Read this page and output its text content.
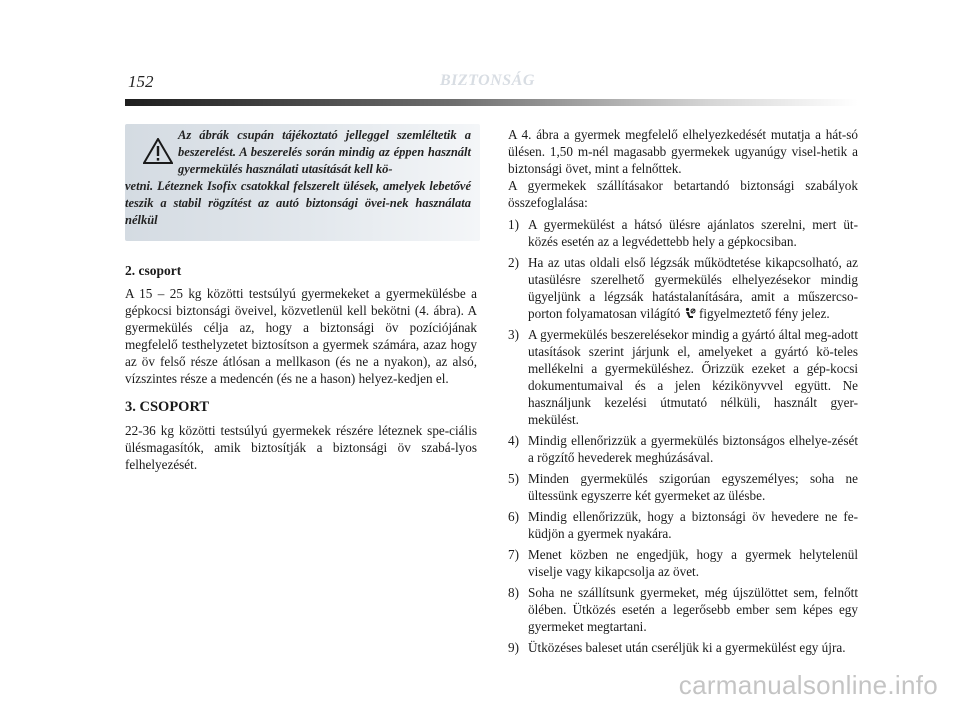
152	BIZTONSÁG

Az ábrák csupán tájékoztató jelleggel szemléltetik a beszerelést. A beszerelés során mindig az éppen használt gyermekülés használati utasítását kell kö-
vetni. Léteznek Isofix csatokkal felszerelt ülések, amelyek lebetővé teszik a stabil rögzítést az autó biztonsági övei-nek használata nélkül

2. csoport

A 15 – 25 kg közötti testsúlyú gyermekeket a gyermekülésbe a gépkocsi biztonsági öveivel, közvetlenül kell bekötni (4. ábra). A gyermekülés célja az, hogy a biztonsági öv pozíciójának megfelelő testhelyzetet biztosítson a gyermek számára, azaz hogy az öv felső része átlósan a mellkason (és ne a nyakon), az alsó, vízszintes része a medencén (és ne a hason) helyez-kedjen el.

3. CSOPORT

22-36 kg közötti testsúlyú gyermekek részére léteznek spe-ciális ülésmagasítók, amik biztosítják a biztonsági öv szabá-lyos felhelyezését.

A 4. ábra a gyermek megfelelő elhelyezkedését mutatja a hát-só ülésen. 1,50 m-nél magasabb gyermekek ugyanúgy visel-hetik a biztonsági övet, mint a felnőttek.

A gyermekek szállításakor betartandó biztonsági szabályok összefoglalása:

1) A gyermekülést a hátsó ülésre ajánlatos szerelni, mert üt-közés esetén az a legvédettebb hely a gépkocsiban.
2) Ha az utas oldali első légzsák működtetése kikapcsolható, az utasülésre szerelhető gyermekülés elhelyezésekor mindig ügyeljünk a légzsák hatástalanítására, amit a műszercso-porton folyamatosan világító figyelmeztető fény jelez.
3) A gyermekülés beszerelésekor mindig a gyártó által meg-adott utasítások szerint járjunk el, amelyeket a gyártó kö-teles mellékelni a gyermeküléshez. Őrizzük ezeket a gép-kocsi dokumentumaival és a jelen kézikönyvvel együtt. Ne használjunk kezelési útmutató nélküli, használt gyer-mekülést.
4) Mindig ellenőrizzük a gyermekülés biztonságos elhelye-zését a rögzítő hevederek meghúzásával.
5) Minden gyermekülés szigorúan egyszemélyes; soha ne ültessünk egyszerre két gyermeket az ülésbe.
6) Mindig ellenőrizzük, hogy a biztonsági öv hevedere ne fe-küdjön a gyermek nyakára.
7) Menet közben ne engedjük, hogy a gyermek helytelenül viselje vagy kikapcsolja az övet.
8) Soha ne szállítsunk gyermeket, még újszülöttet sem, felnőtt ölében. Ütközés esetén a legerősebb ember sem képes egy gyermeket megtartani.
9) Ütközéses baleset után cseréljük ki a gyermekülést egy újra.
carmanualsonline.info
